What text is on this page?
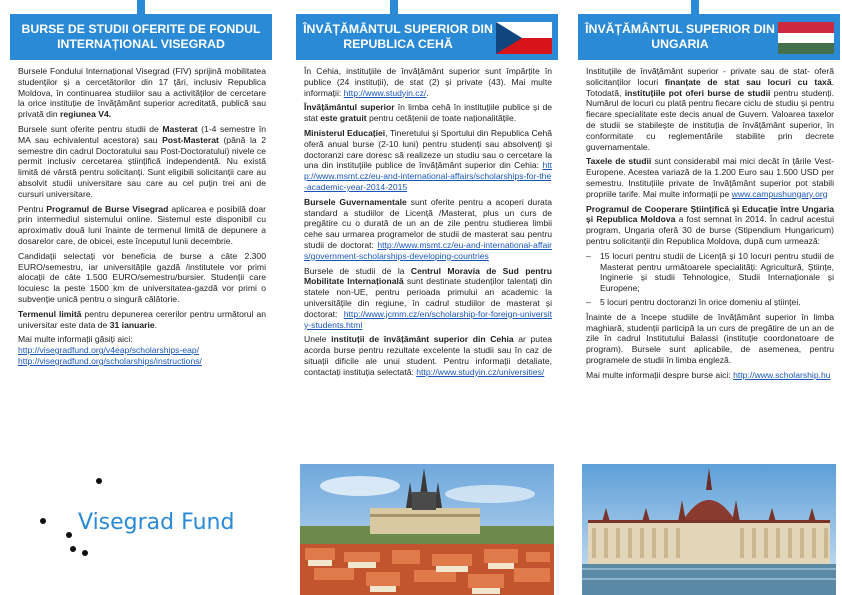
BURSE DE STUDII OFERITE DE FONDUL INTERNAȚIONAL VISEGRAD

Bursele Fondului Internațional Visegrad (FIV) sprijină mobilitatea studenților și a cercetătorilor din 17 țări, inclusiv Republica Moldova, în continuarea studiilor sau a activităților de cercetare la orice instituție de învățământ superior acreditată, publică sau privată din regiunea V4.

Bursele sunt oferite pentru studii de Masterat (1-4 semestre în MA sau echivalentul acestora) sau Post-Masterat (până la 2 semestre din cadrul Doctoratului sau Post-Doctoratului) nivele ce permit inclusiv cercetarea științifică independentă. Nu există limită de vârstă pentru solicitanți. Sunt eligibili solicitanții care au absolvit studii universitare sau care au cel puțin trei ani de cursuri universitare.

Pentru Programul de Burse Visegrad aplicarea e posibilă doar prin intermediul sistemului online. Sistemul este disponibil cu aproximativ două luni înainte de termenul limită de depunere a dosarelor care, de obicei, este începutul lunii decembrie.

Candidații selectați vor beneficia de burse a câte 2.300 EURO/semestru, iar universitățile gazdă /institutele vor primi alocații de câte 1.500 EURO/semestru/bursier. Studenții care locuiesc la peste 1500 km de universitatea-gazdă vor primi o subvenție unică pentru o singură călătorie.

Termenul limită pentru depunerea cererilor pentru următorul an universitar este data de 31 ianuarie.

Mai multe informații găsiți aici:

http://visegradfund.org/v4eap/scholarships-eap/
http://visegradfund.org/scholarships/instructions/
Visegrad Fund
ÎNVĂȚĂMÂNTUL SUPERIOR DIN REPUBLICA CEHĂ

În Cehia, instituțiile de învățământ superior sunt împărțite în publice (24 instituții), de stat (2) și private (43). Mai multe informații: http://www.studyin.cz/.

Învățământul superior în limba cehă în instituțiile publice și de stat este gratuit pentru cetățenii de toate naționalitățile.

Ministerul Educației, Tineretului și Sportului din Republica Cehă oferă anual burse (2-10 luni) pentru studenți sau absolvenți și doctoranzi care doresc să realizeze un studiu sau o cercetare la una din instituțiile publice de învățământ superior din Cehia: http://www.msmt.cz/eu-and-international-affairs/scholarships-for-the-academic-year-2014-2015

Bursele Guvernamentale sunt oferite pentru a acoperi durata standard a studiilor de Licență /Masterat, plus un curs de pregătire cu o durată de un an de zile pentru studierea limbii cehe sau urmarea programelor de studii de masterat sau pentru studii de doctorat: http://www.msmt.cz/eu-and-international-affairs/government-scholarships-developing-countries

Bursele de studii de la Centrul Moravia de Sud pentru Mobilitate Internațională sunt destinate studenților talentați din statele non-UE, pentru perioada primului an academic la universitățile din regiune, în cadrul studiilor de masterat și doctorat: http://www.jcmm.cz/en/scholarship-for-foreign-university-students.html

Unele instituții de învățământ superior din Cehia ar putea acorda burse pentru rezultate excelente la studii sau în caz de situații dificile ale unui student. Pentru informații detaliate, contactați instituția selectată: http://www.studyin.cz/universities/

ÎNVĂȚĂMÂNTUL SUPERIOR DIN UNGARIA

Instituțiile de învățământ superior - private sau de stat- oferă solicitanților locuri finanțate de stat sau locuri cu taxă. Totodată, instituțiile pot oferi burse de studii pentru studenți. Numărul de locuri cu plată pentru fiecare ciclu de studiu și pentru fiecare specialitate este decis anual de Guvern. Valoarea taxelor de studii se stabilește de instituția de învățământ superior, în conformitate cu reglementările stabilite prin decrete guvernamentale.

Taxele de studii sunt considerabil mai mici decât în țările Vest-Europene. Acestea variază de la 1.200 Euro sau 1.500 USD per semestru. Instituțiile private de învățământ superior pot stabili propriile tarife. Mai multe informații pe www.campushungary.org

Programul de Cooperare Științifică și Educație între Ungaria și Republica Moldova a fost semnat în 2014. În cadrul acestui program, Ungaria oferă 30 de burse (Stipendium Hungaricum) pentru solicitanții din Republica Moldova, după cum urmează:

– 15 locuri pentru studii de Licență și 10 locuri pentru studii de Masterat pentru următoarele specialități: Agricultură, Științe, Inginerie și studii Tehnologice, Studii Internaționale și Europene;
– 5 locuri pentru doctoranzi în orice domeniu al științei.

Înainte de a începe studiile de învățământ superior în limba maghiară, studenții participă la un curs de pregătire de un an de zile în cadrul Institutului Balassi (instituție coordonatoare de program). Bursele sunt aplicabile, de asemenea, pentru programele de studii în limba engleză.

Mai multe informații despre burse aici: http://www.scholarship.hu
